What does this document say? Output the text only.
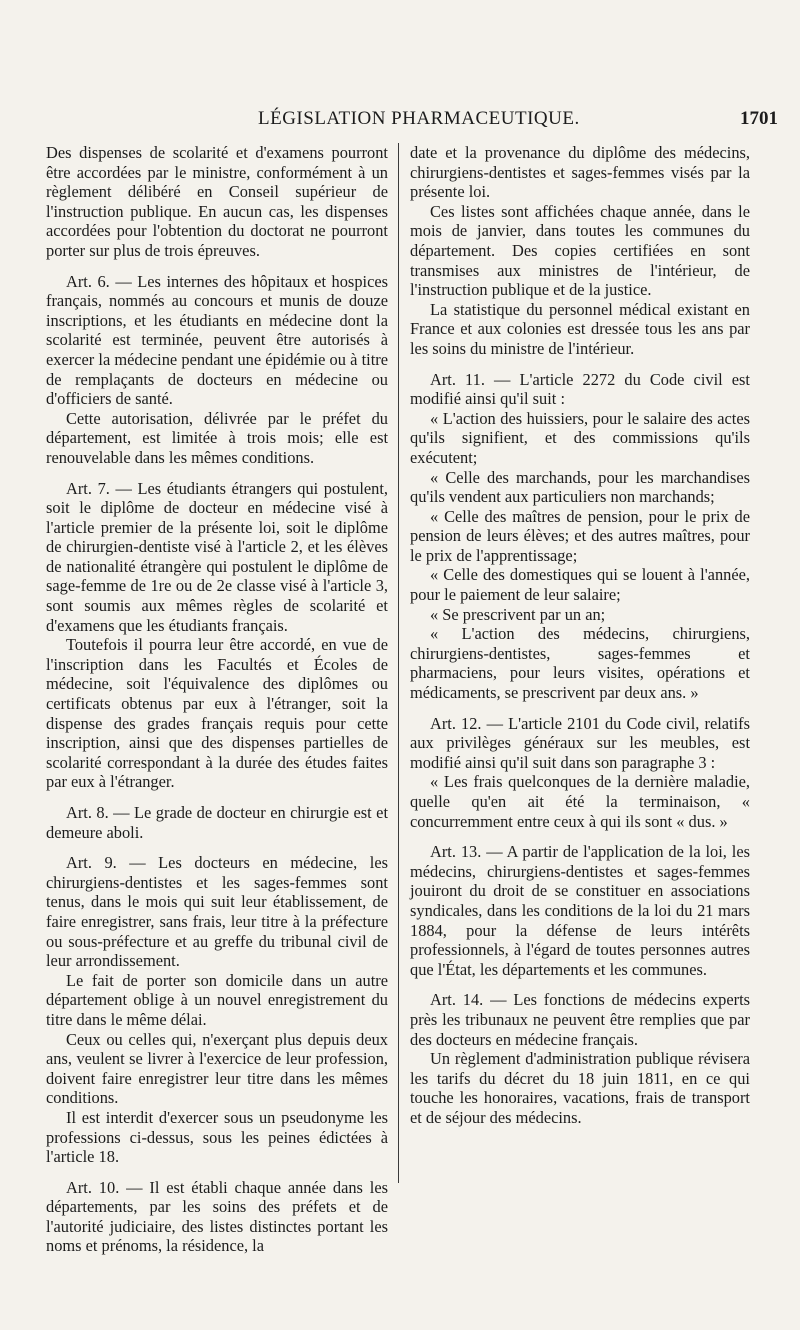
LÉGISLATION PHARMACEUTIQUE.	1701

Des dispenses de scolarité et d'examens pourront être accordées par le ministre, conformément à un règlement délibéré en Conseil supérieur de l'instruction publique. En aucun cas, les dispenses accordées pour l'obtention du doctorat ne pourront porter sur plus de trois épreuves.

Art. 6. — Les internes des hôpitaux et hospices français, nommés au concours et munis de douze inscriptions, et les étudiants en médecine dont la scolarité est terminée, peuvent être autorisés à exercer la médecine pendant une épidémie ou à titre de remplaçants de docteurs en médecine ou d'officiers de santé.

Cette autorisation, délivrée par le préfet du département, est limitée à trois mois; elle est renouvelable dans les mêmes conditions.

Art. 7. — Les étudiants étrangers qui postulent, soit le diplôme de docteur en médecine visé à l'article premier de la présente loi, soit le diplôme de chirurgien-dentiste visé à l'article 2, et les élèves de nationalité étrangère qui postulent le diplôme de sage-femme de 1re ou de 2e classe visé à l'article 3, sont soumis aux mêmes règles de scolarité et d'examens que les étudiants français.

Toutefois il pourra leur être accordé, en vue de l'inscription dans les Facultés et Écoles de médecine, soit l'équivalence des diplômes ou certificats obtenus par eux à l'étranger, soit la dispense des grades français requis pour cette inscription, ainsi que des dispenses partielles de scolarité correspondant à la durée des études faites par eux à l'étranger.

Art. 8. — Le grade de docteur en chirurgie est et demeure aboli.

Art. 9. — Les docteurs en médecine, les chirurgiens-dentistes et les sages-femmes sont tenus, dans le mois qui suit leur établissement, de faire enregistrer, sans frais, leur titre à la préfecture ou sous-préfecture et au greffe du tribunal civil de leur arrondissement.

Le fait de porter son domicile dans un autre département oblige à un nouvel enregistrement du titre dans le même délai.

Ceux ou celles qui, n'exerçant plus depuis deux ans, veulent se livrer à l'exercice de leur profession, doivent faire enregistrer leur titre dans les mêmes conditions.

Il est interdit d'exercer sous un pseudonyme les professions ci-dessus, sous les peines édictées à l'article 18.

Art. 10. — Il est établi chaque année dans les départements, par les soins des préfets et de l'autorité judiciaire, des listes distinctes portant les noms et prénoms, la résidence, la

date et la provenance du diplôme des médecins, chirurgiens-dentistes et sages-femmes visés par la présente loi.

Ces listes sont affichées chaque année, dans le mois de janvier, dans toutes les communes du département. Des copies certifiées en sont transmises aux ministres de l'intérieur, de l'instruction publique et de la justice.

La statistique du personnel médical existant en France et aux colonies est dressée tous les ans par les soins du ministre de l'intérieur.

Art. 11. — L'article 2272 du Code civil est modifié ainsi qu'il suit :

« L'action des huissiers, pour le salaire des actes qu'ils signifient, et des commissions qu'ils exécutent;

« Celle des marchands, pour les marchandises qu'ils vendent aux particuliers non marchands;

« Celle des maîtres de pension, pour le prix de pension de leurs élèves; et des autres maîtres, pour le prix de l'apprentissage;

« Celle des domestiques qui se louent à l'année, pour le paiement de leur salaire;

« Se prescrivent par un an;

« L'action des médecins, chirurgiens, chirurgiens-dentistes, sages-femmes et pharmaciens, pour leurs visites, opérations et médicaments, se prescrivent par deux ans. »

Art. 12. — L'article 2101 du Code civil, relatifs aux privilèges généraux sur les meubles, est modifié ainsi qu'il suit dans son paragraphe 3 :

« Les frais quelconques de la dernière maladie, quelle qu'en ait été la terminaison, « concurremment entre ceux à qui ils sont « dus. »

Art. 13. — A partir de l'application de la loi, les médecins, chirurgiens-dentistes et sages-femmes jouiront du droit de se constituer en associations syndicales, dans les conditions de la loi du 21 mars 1884, pour la défense de leurs intérêts professionnels, à l'égard de toutes personnes autres que l'État, les départements et les communes.

Art. 14. — Les fonctions de médecins experts près les tribunaux ne peuvent être remplies que par des docteurs en médecine français.

Un règlement d'administration publique révisera les tarifs du décret du 18 juin 1811, en ce qui touche les honoraires, vacations, frais de transport et de séjour des médecins.
